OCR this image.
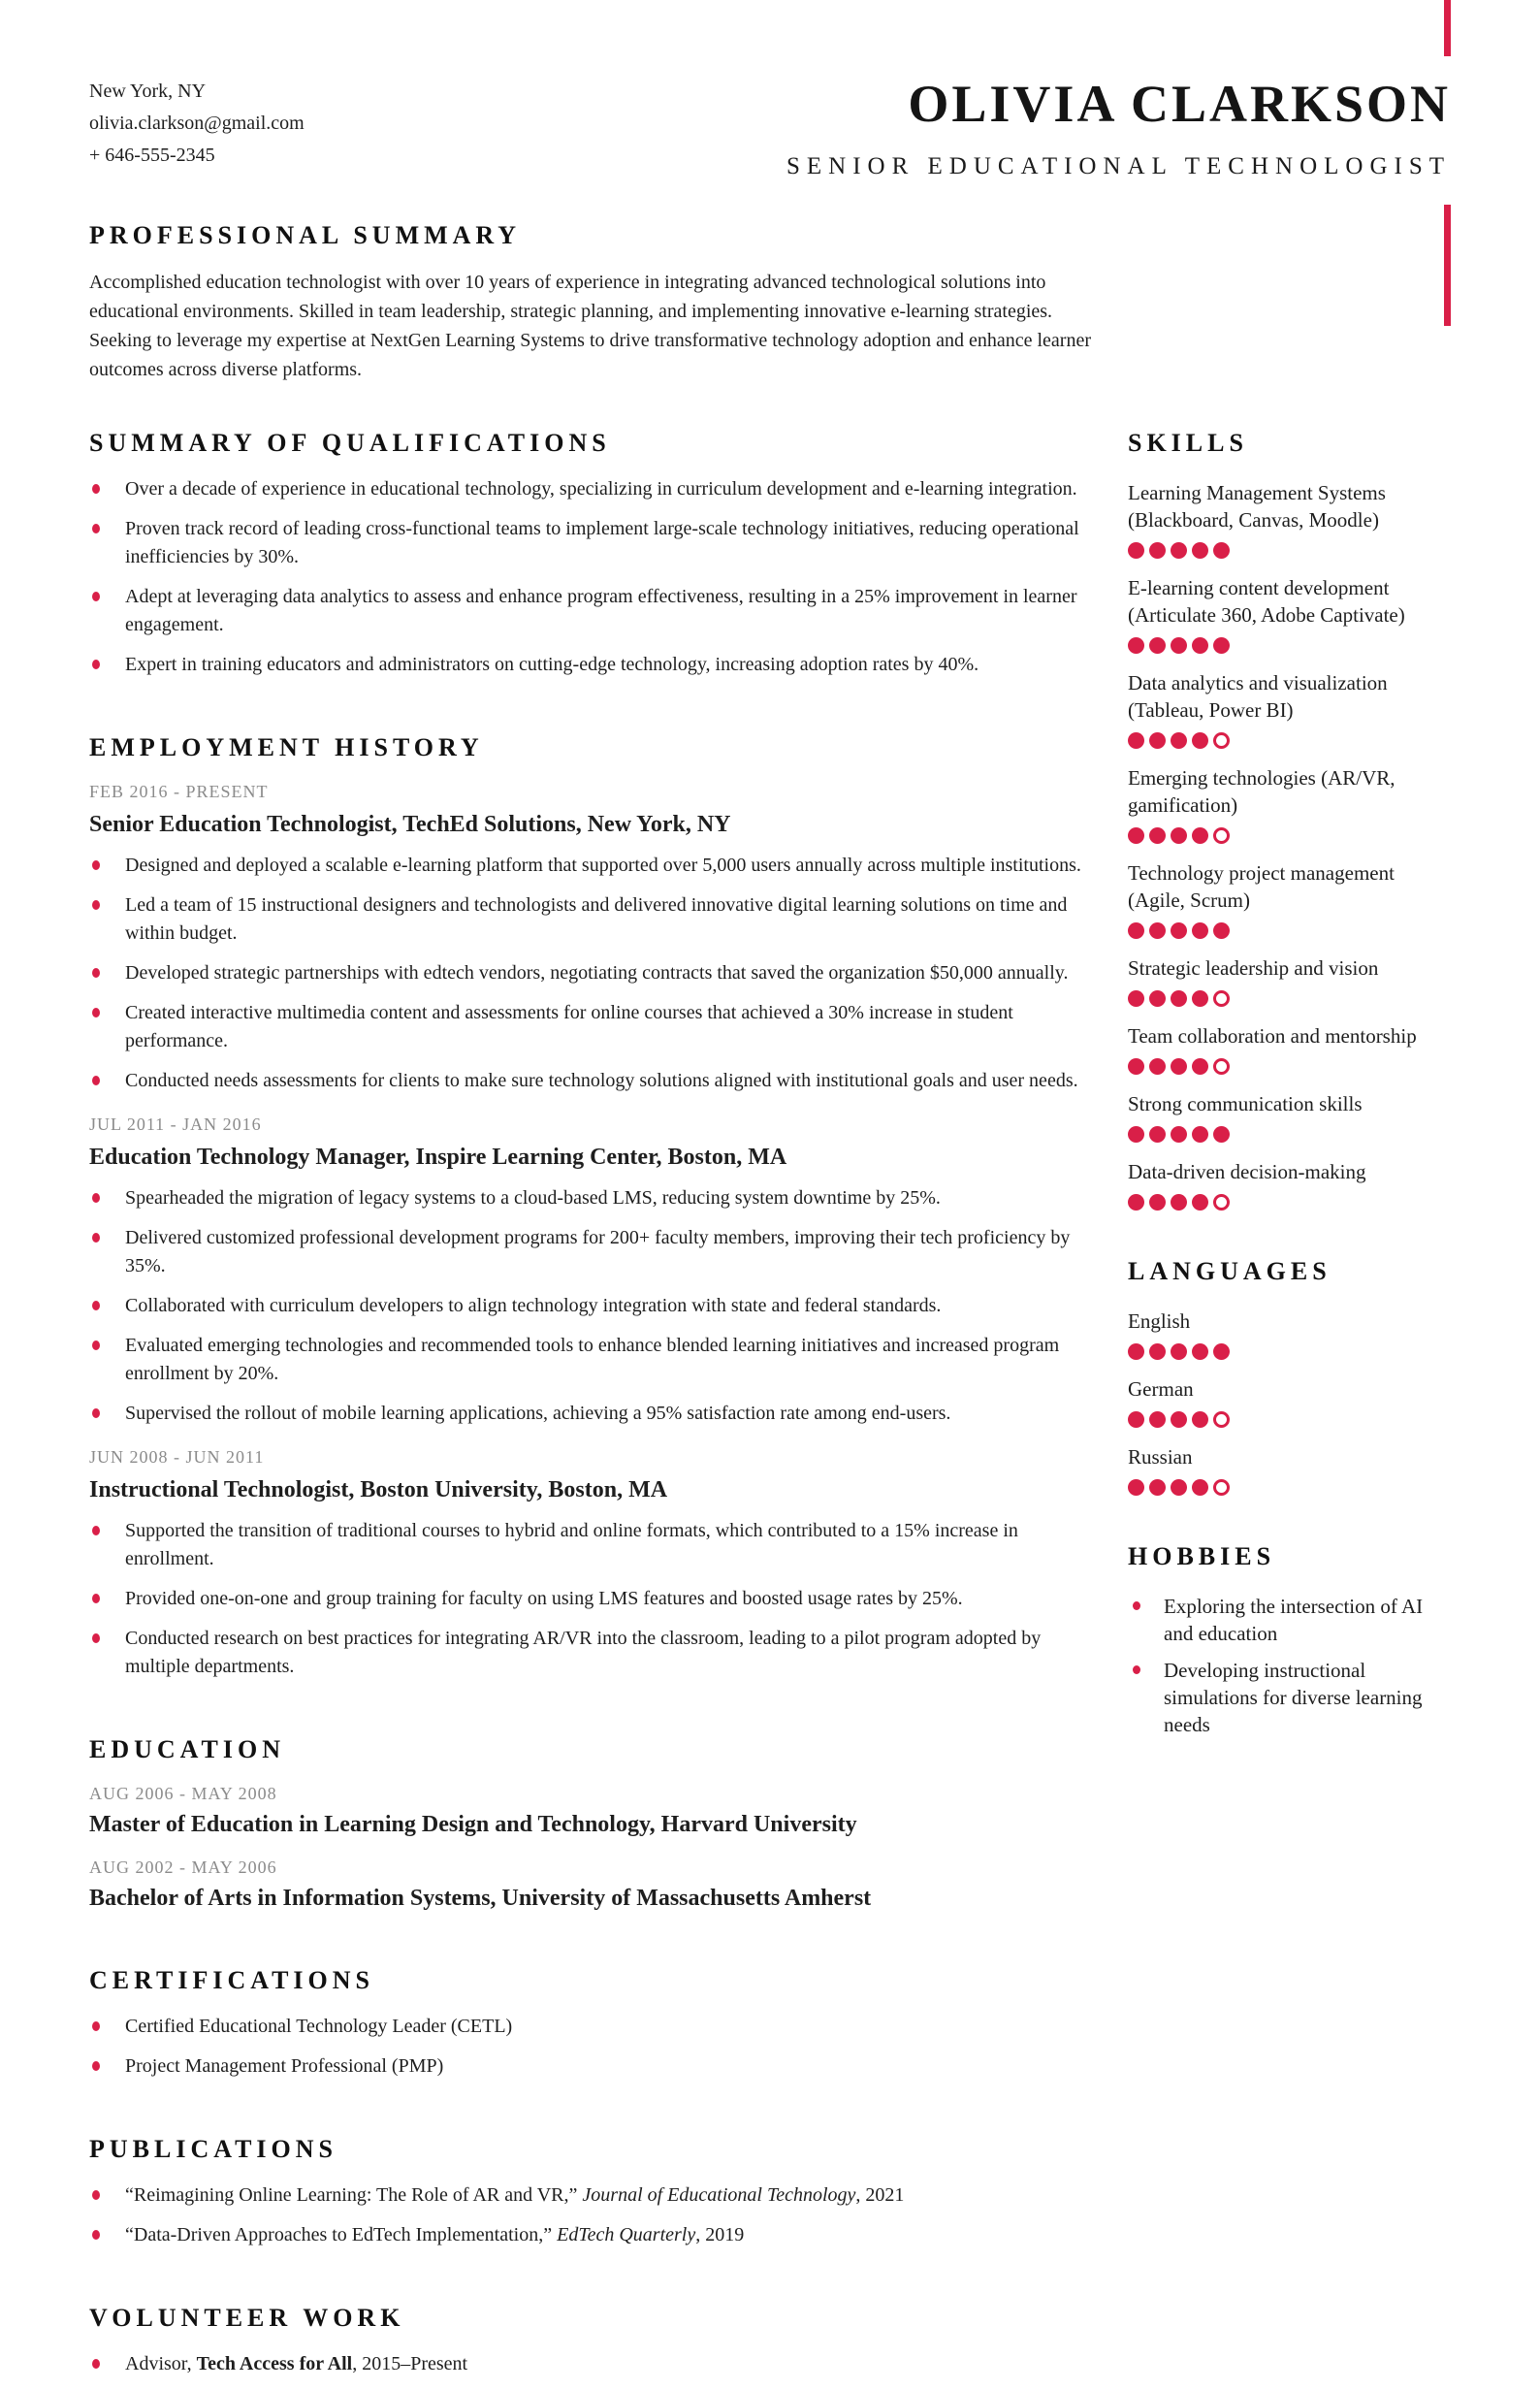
New York, NY
olivia.clarkson@gmail.com
+ 646-555-2345
OLIVIA CLARKSON
SENIOR EDUCATIONAL TECHNOLOGIST
PROFESSIONAL SUMMARY
Accomplished education technologist with over 10 years of experience in integrating advanced technological solutions into educational environments. Skilled in team leadership, strategic planning, and implementing innovative e-learning strategies. Seeking to leverage my expertise at NextGen Learning Systems to drive transformative technology adoption and enhance learner outcomes across diverse platforms.
SUMMARY OF QUALIFICATIONS
Over a decade of experience in educational technology, specializing in curriculum development and e-learning integration.
Proven track record of leading cross-functional teams to implement large-scale technology initiatives, reducing operational inefficiencies by 30%.
Adept at leveraging data analytics to assess and enhance program effectiveness, resulting in a 25% improvement in learner engagement.
Expert in training educators and administrators on cutting-edge technology, increasing adoption rates by 40%.
EMPLOYMENT HISTORY
FEB 2016 - PRESENT
Senior Education Technologist, TechEd Solutions, New York, NY
Designed and deployed a scalable e-learning platform that supported over 5,000 users annually across multiple institutions.
Led a team of 15 instructional designers and technologists and delivered innovative digital learning solutions on time and within budget.
Developed strategic partnerships with edtech vendors, negotiating contracts that saved the organization $50,000 annually.
Created interactive multimedia content and assessments for online courses that achieved a 30% increase in student performance.
Conducted needs assessments for clients to make sure technology solutions aligned with institutional goals and user needs.
JUL 2011 - JAN 2016
Education Technology Manager, Inspire Learning Center, Boston, MA
Spearheaded the migration of legacy systems to a cloud-based LMS, reducing system downtime by 25%.
Delivered customized professional development programs for 200+ faculty members, improving their tech proficiency by 35%.
Collaborated with curriculum developers to align technology integration with state and federal standards.
Evaluated emerging technologies and recommended tools to enhance blended learning initiatives and increased program enrollment by 20%.
Supervised the rollout of mobile learning applications, achieving a 95% satisfaction rate among end-users.
JUN 2008 - JUN 2011
Instructional Technologist, Boston University, Boston, MA
Supported the transition of traditional courses to hybrid and online formats, which contributed to a 15% increase in enrollment.
Provided one-on-one and group training for faculty on using LMS features and boosted usage rates by 25%.
Conducted research on best practices for integrating AR/VR into the classroom, leading to a pilot program adopted by multiple departments.
EDUCATION
AUG 2006 - MAY 2008
Master of Education in Learning Design and Technology, Harvard University
AUG 2002 - MAY 2006
Bachelor of Arts in Information Systems, University of Massachusetts Amherst
CERTIFICATIONS
Certified Educational Technology Leader (CETL)
Project Management Professional (PMP)
PUBLICATIONS
“Reimagining Online Learning: The Role of AR and VR,” Journal of Educational Technology, 2021
“Data-Driven Approaches to EdTech Implementation,” EdTech Quarterly, 2019
VOLUNTEER WORK
Advisor, Tech Access for All, 2015–Present
SKILLS
Learning Management Systems (Blackboard, Canvas, Moodle)
E-learning content development (Articulate 360, Adobe Captivate)
Data analytics and visualization (Tableau, Power BI)
Emerging technologies (AR/VR, gamification)
Technology project management (Agile, Scrum)
Strategic leadership and vision
Team collaboration and mentorship
Strong communication skills
Data-driven decision-making
LANGUAGES
English
German
Russian
HOBBIES
Exploring the intersection of AI and education
Developing instructional simulations for diverse learning needs
